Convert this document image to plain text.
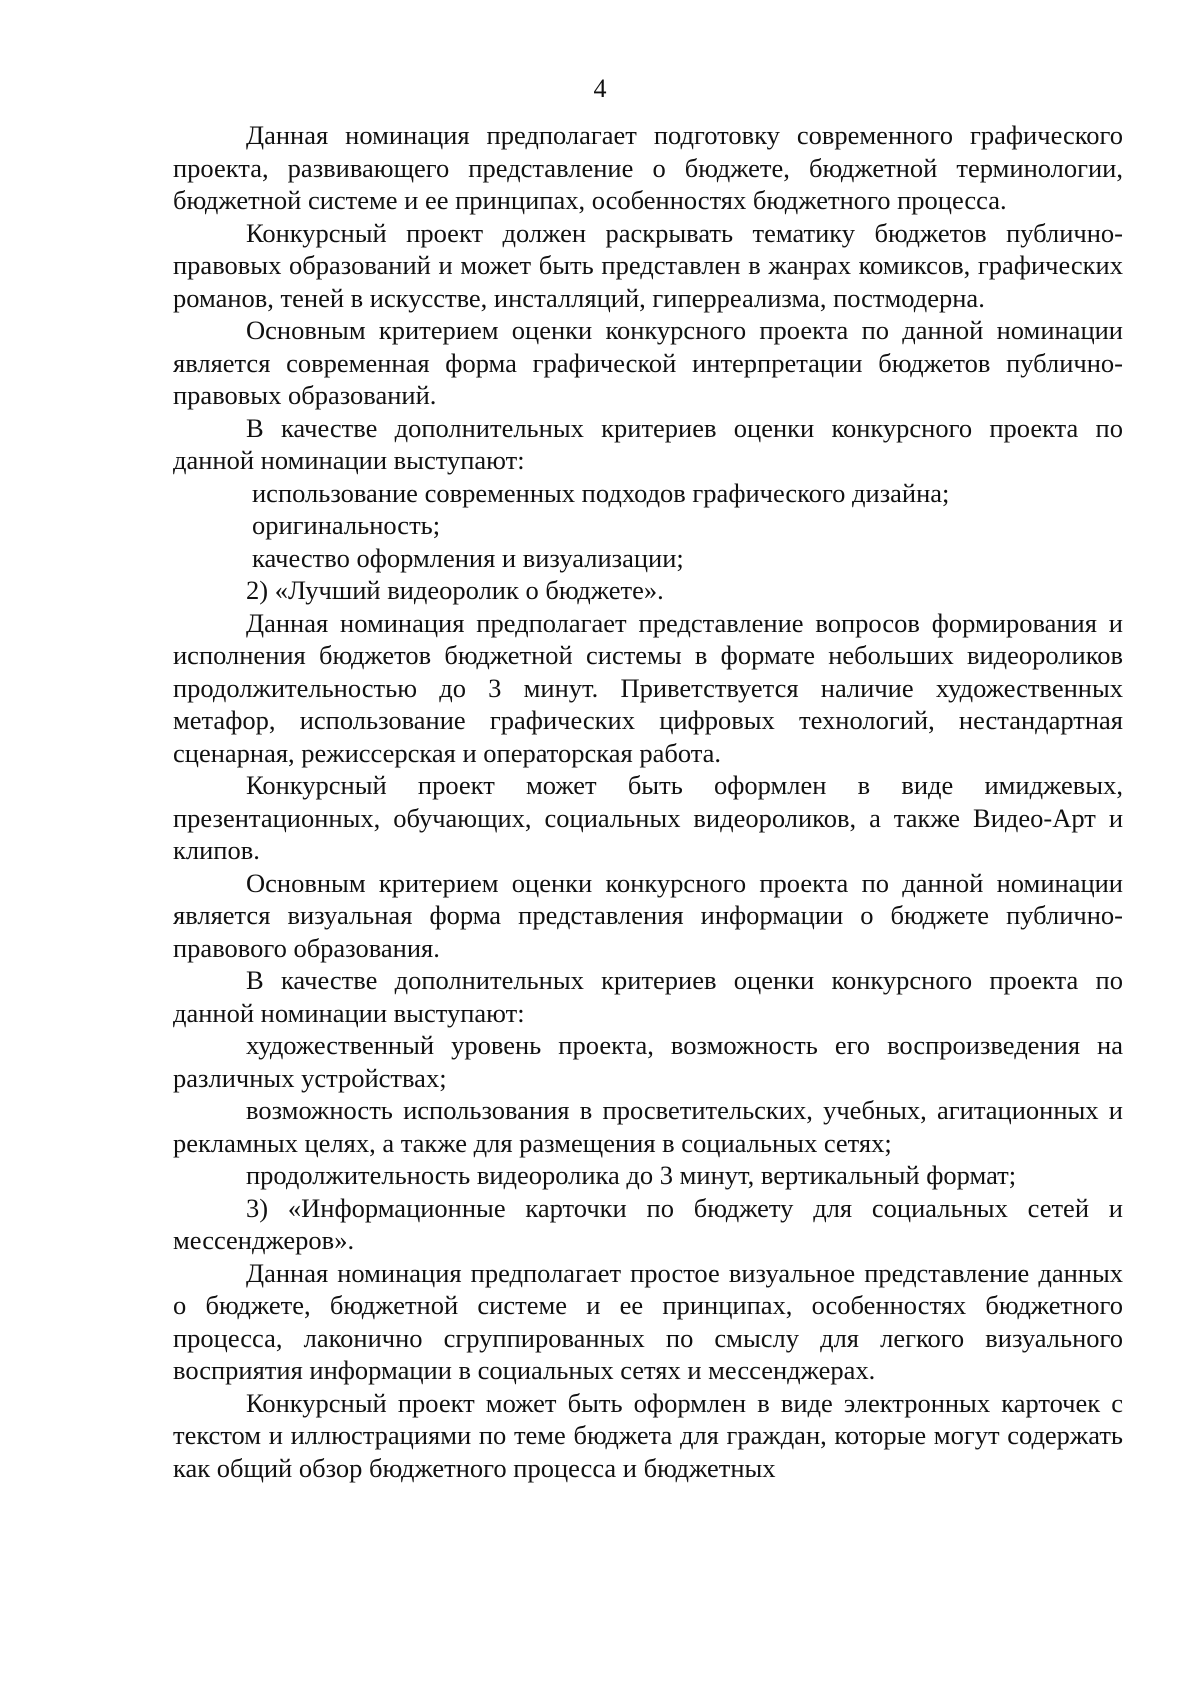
4

Данная номинация предполагает подготовку современного графического проекта, развивающего представление о бюджете, бюджетной терминологии, бюджетной системе и ее принципах, особенностях бюджетного процесса.

Конкурсный проект должен раскрывать тематику бюджетов публично-правовых образований и может быть представлен в жанрах комиксов, графических романов, теней в искусстве, инсталляций, гиперреализма, постмодерна.

Основным критерием оценки конкурсного проекта по данной номинации является современная форма графической интерпретации бюджетов публично-правовых образований.

В качестве дополнительных критериев оценки конкурсного проекта по данной номинации выступают:

использование современных подходов графического дизайна;

оригинальность;

качество оформления и визуализации;

2) «Лучший видеоролик о бюджете».

Данная номинация предполагает представление вопросов формирования и исполнения бюджетов бюджетной системы в формате небольших видеороликов продолжительностью до 3 минут. Приветствуется наличие художественных метафор, использование графических цифровых технологий, нестандартная сценарная, режиссерская и операторская работа.

Конкурсный проект может быть оформлен в виде имиджевых, презентационных, обучающих, социальных видеороликов, а также Видео-Арт и клипов.

Основным критерием оценки конкурсного проекта по данной номинации является визуальная форма представления информации о бюджете публично-правового образования.

В качестве дополнительных критериев оценки конкурсного проекта по данной номинации выступают:

художественный уровень проекта, возможность его воспроизведения на различных устройствах;

возможность использования в просветительских, учебных, агитационных и рекламных целях, а также для размещения в социальных сетях;

продолжительность видеоролика до 3 минут, вертикальный формат;

3) «Информационные карточки по бюджету для социальных сетей и мессенджеров».

Данная номинация предполагает простое визуальное представление данных о бюджете, бюджетной системе и ее принципах, особенностях бюджетного процесса, лаконично сгруппированных по смыслу для легкого визуального восприятия информации в социальных сетях и мессенджерах.

Конкурсный проект может быть оформлен в виде электронных карточек с текстом и иллюстрациями по теме бюджета для граждан, которые могут содержать как общий обзор бюджетного процесса и бюджетных
